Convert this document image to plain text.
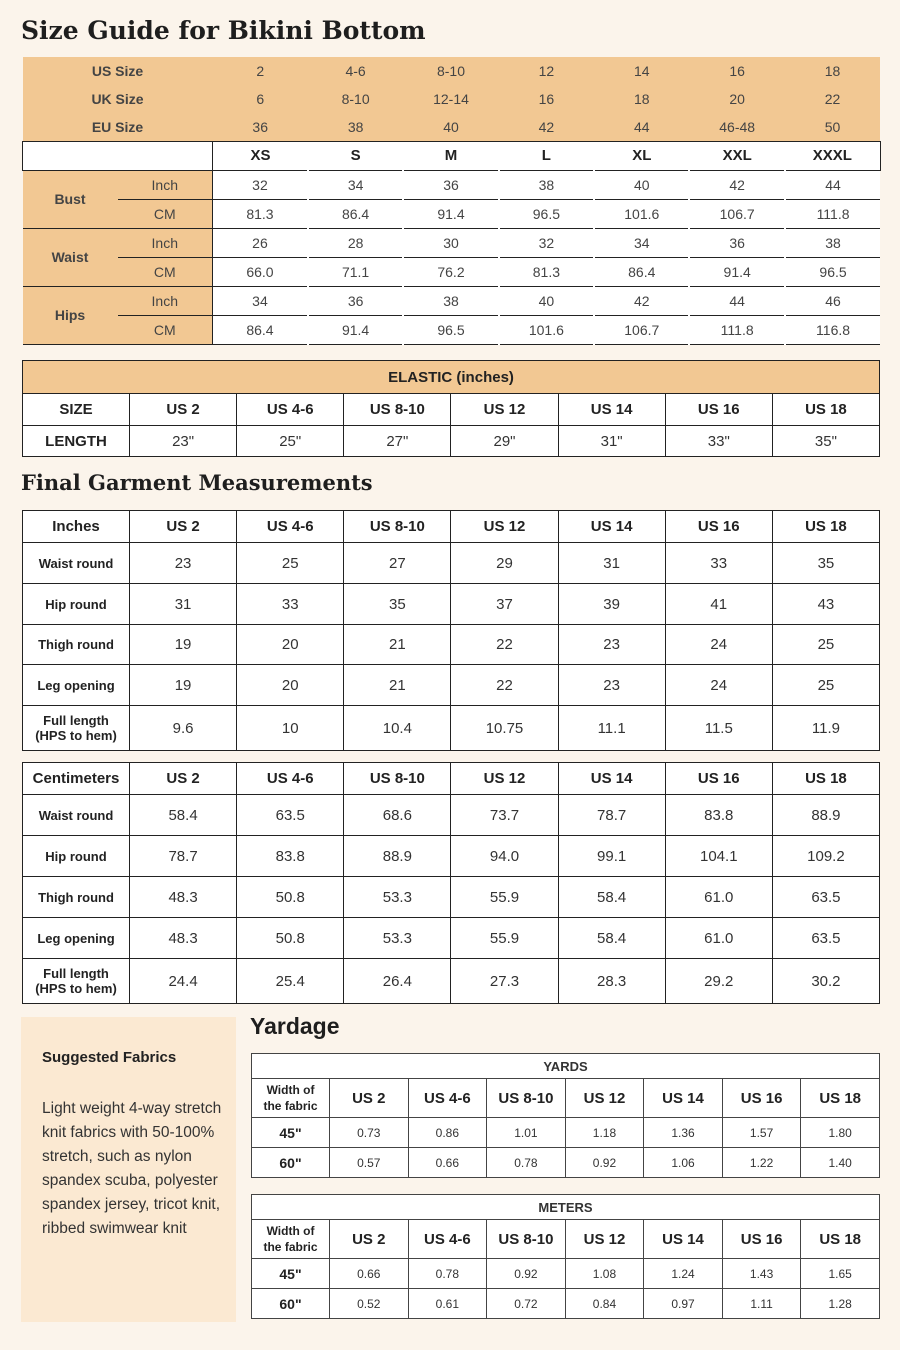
Size Guide for Bikini Bottom
US Size		2	4-6	8-10	12	14	16	18
UK Size		6	8-10	12-14	16	18	20	22
EU Size		36	38	40	42	44	46-48	50
		XS	S	M	L	XL	XXL	XXXL
Bust	Inch	32	34	36	38	40	42	44
	CM	81.3	86.4	91.4	96.5	101.6	106.7	111.8
Waist	Inch	26	28	30	32	34	36	38
	CM	66.0	71.1	76.2	81.3	86.4	91.4	96.5
Hips	Inch	34	36	38	40	42	44	46
	CM	86.4	91.4	96.5	101.6	106.7	111.8	116.8
ELASTIC (inches)							
SIZE	US 2	US 4-6	US 8-10	US 12	US 14	US 16	US 18
LENGTH	23"	25"	27"	29"	31"	33"	35"
Final Garment Measurements
Inches	US 2	US 4-6	US 8-10	US 12	US 14	US 16	US 18

Waist round	23	25	27	29	31	33	35

Hip round	31	33	35	37	39	41	43

Thigh round	19	20	21	22	23	24	25

Leg opening	19	20	21	22	23	24	25

Full length
(HPS to hem)	9.6	10	10.4	10.75	11.1	11.5	11.9
Centimeters	US 2	US 4-6	US 8-10	US 12	US 14	US 16	US 18

Waist round	58.4	63.5	68.6	73.7	78.7	83.8	88.9

Hip round	78.7	83.8	88.9	94.0	99.1	104.1	109.2

Thigh round	48.3	50.8	53.3	55.9	58.4	61.0	63.5

Leg opening	48.3	50.8	53.3	55.9	58.4	61.0	63.5

Full length
(HPS to hem)	24.4	25.4	26.4	27.3	28.3	29.2	30.2
Suggested Fabrics
Light weight 4-way stretch knit fabrics with 50-100% stretch, such as nylon spandex scuba, polyester spandex jersey, tricot knit, ribbed swimwear knit
Yardage
YARDS							

Width of
the fabric	US 2	US 4-6	US 8-10	US 12	US 14	US 16	US 18
45"	0.73	0.86	1.01	1.18	1.36	1.57	1.80
60"	0.57	0.66	0.78	0.92	1.06	1.22	1.40
METERS							

Width of
the fabric	US 2	US 4-6	US 8-10	US 12	US 14	US 16	US 18
45"	0.66	0.78	0.92	1.08	1.24	1.43	1.65
60"	0.52	0.61	0.72	0.84	0.97	1.11	1.28
